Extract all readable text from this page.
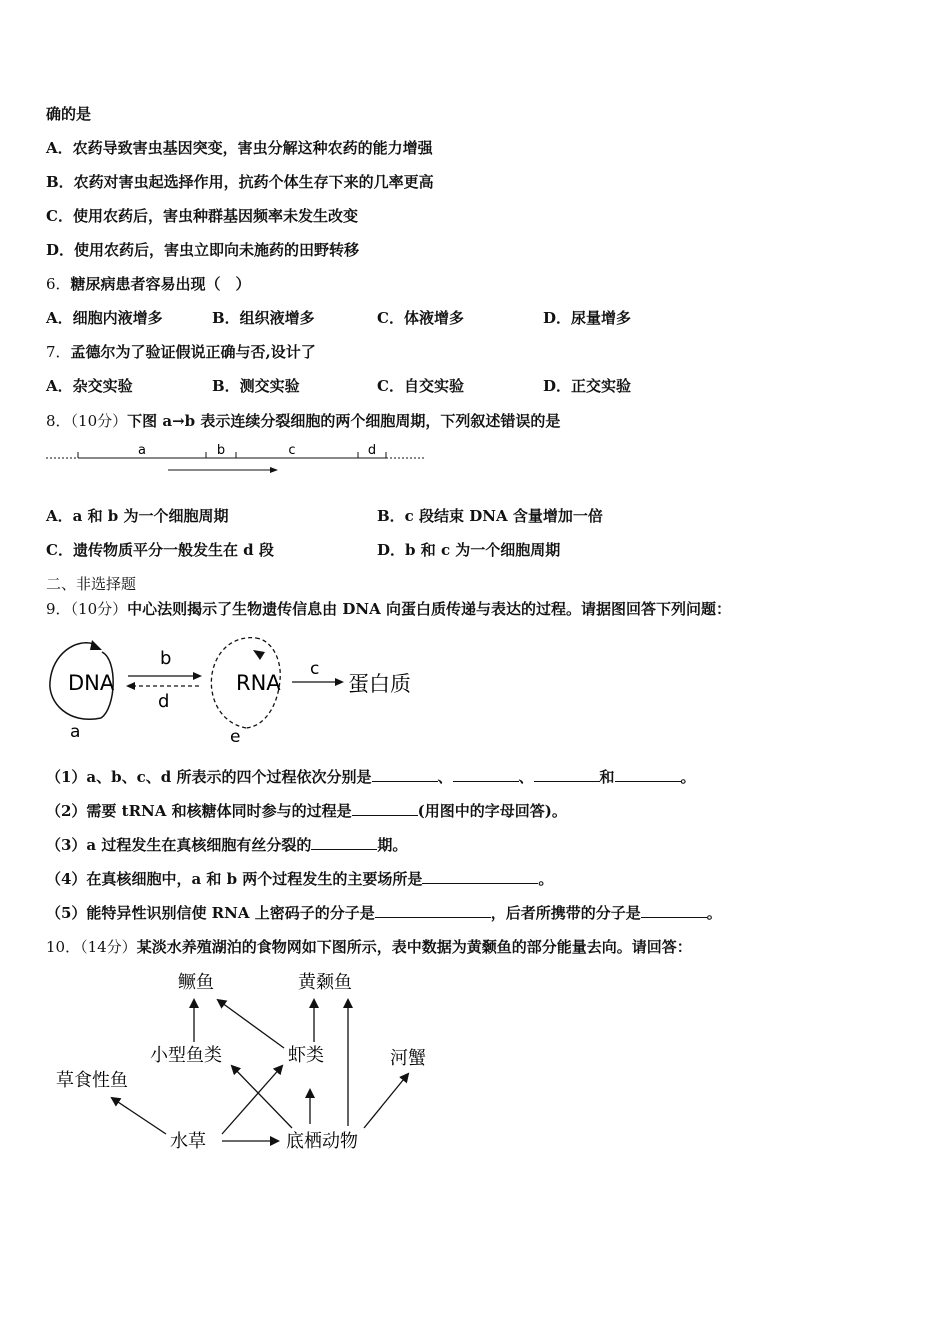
确的是
A．农药导致害虫基因突变，害虫分解这种农药的能力增强
B．农药对害虫起选择作用，抗药个体生存下来的几率更高
C．使用农药后，害虫种群基因频率未发生改变
D．使用农药后，害虫立即向未施药的田野转移
6．糖尿病患者容易出现（　）
A．细胞内液增多	B．组织液增多	C．体液增多	D．尿量增多
7．孟德尔为了验证假说正确与否,设计了
A．杂交实验	B．测交实验	C．自交实验	D．正交实验
8．（10分）下图 a→b 表示连续分裂细胞的两个细胞周期，下列叙述错误的是
a	b	c	d
A．a 和 b 为一个细胞周期	B．c 段结束 DNA 含量增加一倍
C．遗传物质平分一般发生在 d 段	D．b 和 c 为一个细胞周期
二、非选择题
9．（10分）中心法则揭示了生物遗传信息由 DNA 向蛋白质传递与表达的过程。请据图回答下列问题：
DNA
a
b
d
RNA
e
c
蛋白质
（1）a、b、c、d 所表示的四个过程依次分别是	、	、	和	。
（2）需要 tRNA 和核糖体同时参与的过程是	(用图中的字母回答)。
（3）a 过程发生在真核细胞有丝分裂的	期。
（4）在真核细胞中，a 和 b 两个过程发生的主要场所是	。
（5）能特异性识别信使 RNA 上密码子的分子是	，后者所携带的分子是	。
10．（14分）某淡水养殖湖泊的食物网如下图所示，表中数据为黄颡鱼的部分能量去向。请回答：
鳜鱼	黄颡鱼
小型鱼类	虾类	河蟹
草食性鱼
水草	底栖动物
